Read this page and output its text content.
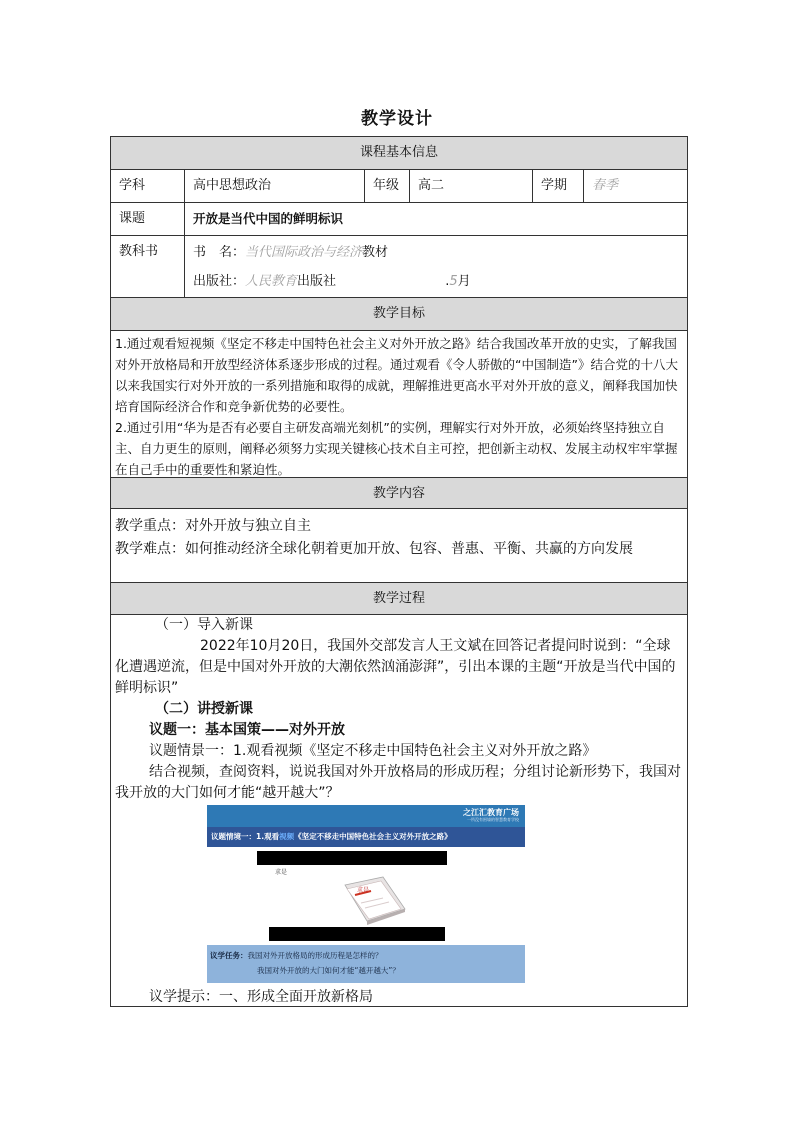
教学设计
课程基本信息
学科	高中思想政治	年级	高二	学期	春季
课题	开放是当代中国的鲜明标识
教科书	书　名：当代国际政治与经济教材
出版社：人民教育出版社	.5月
教学目标
1.通过观看短视频《坚定不移走中国特色社会主义对外开放之路》结合我国改革开放的史实，了解我国对外开放格局和开放型经济体系逐步形成的过程。通过观看《令人骄傲的“中国制造”》结合党的十八大以来我国实行对外开放的一系列措施和取得的成就，理解推进更高水平对外开放的意义，阐释我国加快培育国际经济合作和竞争新优势的必要性。
2.通过引用“华为是否有必要自主研发高端光刻机”的实例，理解实行对外开放，必须始终坚持独立自主、自力更生的原则，阐释必须努力实现关键核心技术自主可控，把创新主动权、发展主动权牢牢掌握在自己手中的重要性和紧迫性。
教学内容
教学重点：对外开放与独立自主
教学难点：如何推动经济全球化朝着更加开放、包容、普惠、平衡、共赢的方向发展
教学过程
（一）导入新课
2022年10月20日，我国外交部发言人王文斌在回答记者提问时说到：“全球化遭遇逆流，但是中国对外开放的大潮依然汹涌澎湃”，引出本课的主题“开放是当代中国的鲜明标识”
（二）讲授新课
议题一：基本国策——对外开放
议题情景一：1.观看视频《坚定不移走中国特色社会主义对外开放之路》
结合视频，查阅资料，说说我国对外开放格局的形成历程；分组讨论新形势下，我国对我开放的大门如何才能“越开越大”？
之江汇教育广场
一所没有围墙的智慧教育学校
议题情境一：1.观看视频《坚定不移走中国特色社会主义对外开放之路》
求是
求是
议学任务：我国对外开放格局的形成历程是怎样的？
我国对外开放的大门如何才能“越开越大”？
议学提示：一、形成全面开放新格局
